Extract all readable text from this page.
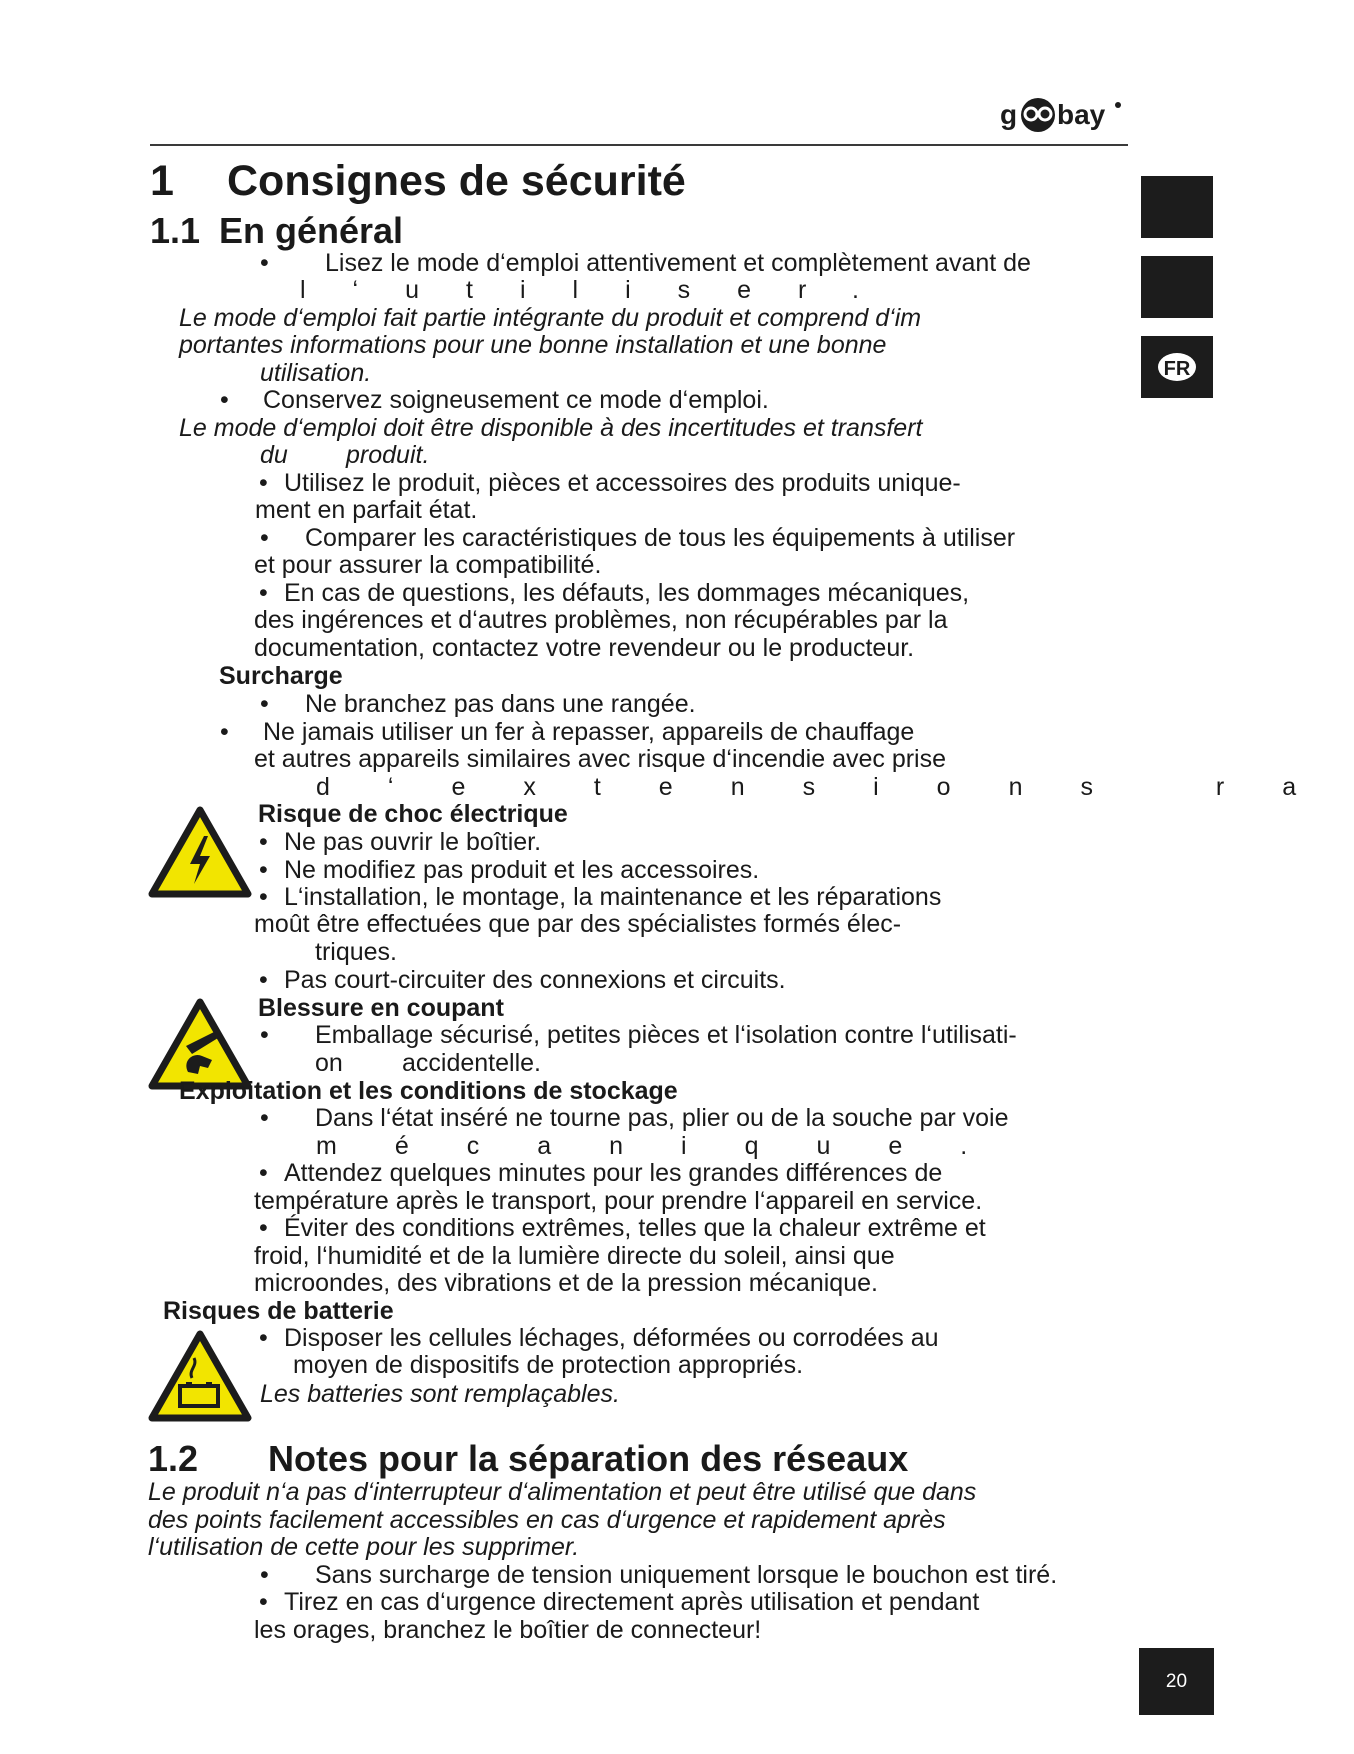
g bay
FR
1 Consignes de sécurité
1.1 En général
• Lisez le mode d‘emploi attentivement et complètement avant de
l‘utiliser.
Le mode d‘emploi fait partie intégrante du produit et comprend d‘im
portantes informations pour une bonne installation et une bonne
utilisation.
• Conservez soigneusement ce mode d‘emploi.
Le mode d‘emploi doit être disponible à des incertitudes et transfert
du produit.
• Utilisez le produit, pièces et accessoires des produits unique-
ment en parfait état.
• Comparer les caractéristiques de tous les équipements à utiliser
et pour assurer la compatibilité.
• En cas de questions, les défauts, les dommages mécaniques,
des ingérences et d‘autres problèmes, non récupérables par la
documentation, contactez votre revendeur ou le producteur.
Surcharge
• Ne branchez pas dans une rangée.
• Ne jamais utiliser un fer à repasser, appareils de chauffage
et autres appareils similaires avec risque d‘incendie avec prise
d‘extensions ra
Risque de choc électrique
• Ne pas ouvrir le boîtier.
• Ne modifiez pas produit et les accessoires.
• L‘installation, le montage, la maintenance et les réparations
moût être effectuées que par des spécialistes formés élec-
triques.
• Pas court-circuiter des connexions et circuits.
Blessure en coupant
• Emballage sécurisé, petites pièces et l‘isolation contre l‘utilisati-
on accidentelle.
Exploitation et les conditions de stockage
• Dans l‘état inséré ne tourne pas, plier ou de la souche par voie
mécanique.
• Attendez quelques minutes pour les grandes différences de
température après le transport, pour prendre l‘appareil en service.
• Éviter des conditions extrêmes, telles que la chaleur extrême et
froid, l‘humidité et de la lumière directe du soleil, ainsi que
microondes, des vibrations et de la pression mécanique.
Risques de batterie
• Disposer les cellules léchages, déformées ou corrodées au
moyen de dispositifs de protection appropriés.
Les batteries sont remplaçables.
1.2 Notes pour la séparation des réseaux
Le produit n‘a pas d‘interrupteur d‘alimentation et peut être utilisé que dans
des points facilement accessibles en cas d‘urgence et rapidement après
l‘utilisation de cette pour les supprimer.
• Sans surcharge de tension uniquement lorsque le bouchon est tiré.
• Tirez en cas d‘urgence directement après utilisation et pendant
les orages, branchez le boîtier de connecteur!
20
